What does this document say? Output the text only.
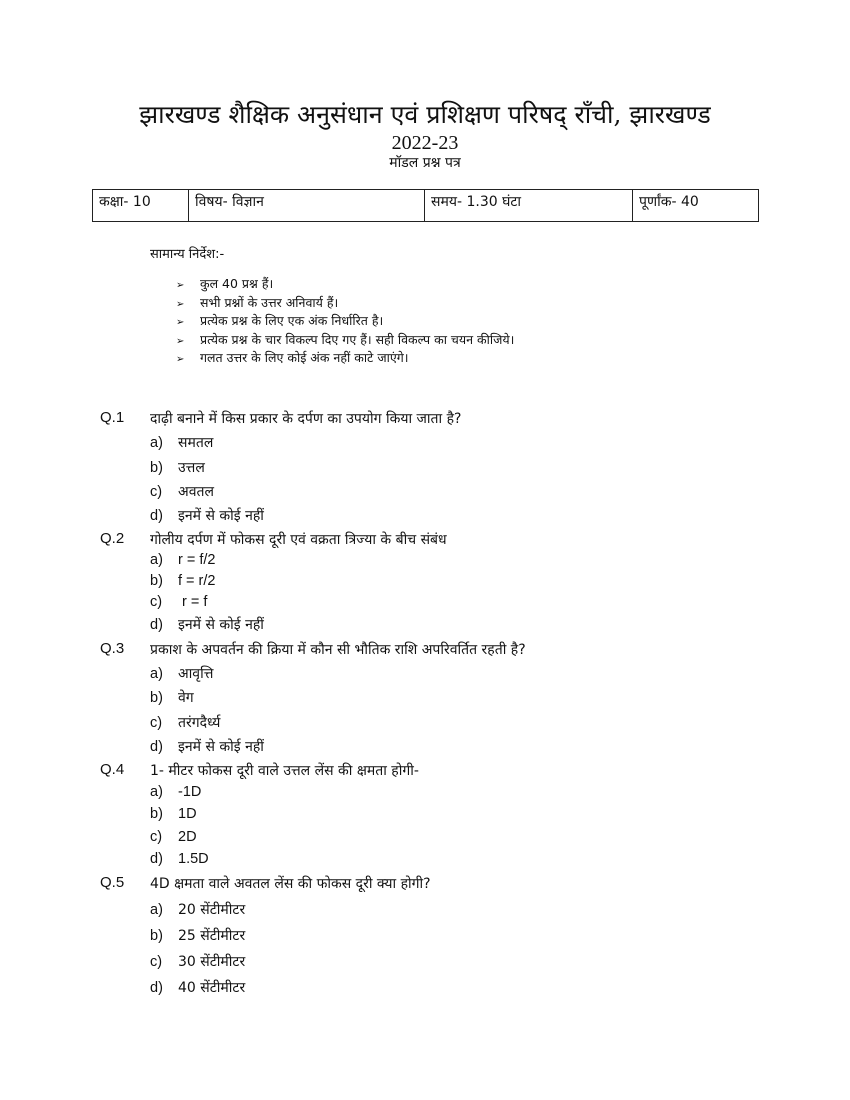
झारखण्ड शैक्षिक अनुसंधान एवं प्रशिक्षण परिषद् राँची, झारखण्ड
2022-23
मॉडल प्रश्न पत्र
कक्षा- 10	विषय- विज्ञान	समय- 1.30 घंटा	पूर्णांक- 40
सामान्य निर्देश:-
➢ कुल 40 प्रश्न हैं।
➢ सभी प्रश्नों के उत्तर अनिवार्य हैं।
➢ प्रत्येक प्रश्न के लिए एक अंक निर्धारित है।
➢ प्रत्येक प्रश्न के चार विकल्प दिए गए हैं। सही विकल्प का चयन कीजिये।
➢ गलत उत्तर के लिए कोई अंक नहीं काटे जाएंगे।
Q.1 दाढ़ी बनाने में किस प्रकार के दर्पण का उपयोग किया जाता है?
a) समतल
b) उत्तल
c) अवतल
d) इनमें से कोई नहीं
Q.2 गोलीय दर्पण में फोकस दूरी एवं वक्रता त्रिज्या के बीच संबंध
a) r = f/2
b) f = r/2
c) r = f
d) इनमें से कोई नहीं
Q.3 प्रकाश के अपवर्तन की क्रिया में कौन सी भौतिक राशि अपरिवर्तित रहती है?
a) आवृत्ति
b) वेग
c) तरंगदैर्ध्य
d) इनमें से कोई नहीं
Q.4 1- मीटर फोकस दूरी वाले उत्तल लेंस की क्षमता होगी-
a) -1D
b) 1D
c) 2D
d) 1.5D
Q.5 4D क्षमता वाले अवतल लेंस की फोकस दूरी क्या होगी?
a) 20 सेंटीमीटर
b) 25 सेंटीमीटर
c) 30 सेंटीमीटर
d) 40 सेंटीमीटर
